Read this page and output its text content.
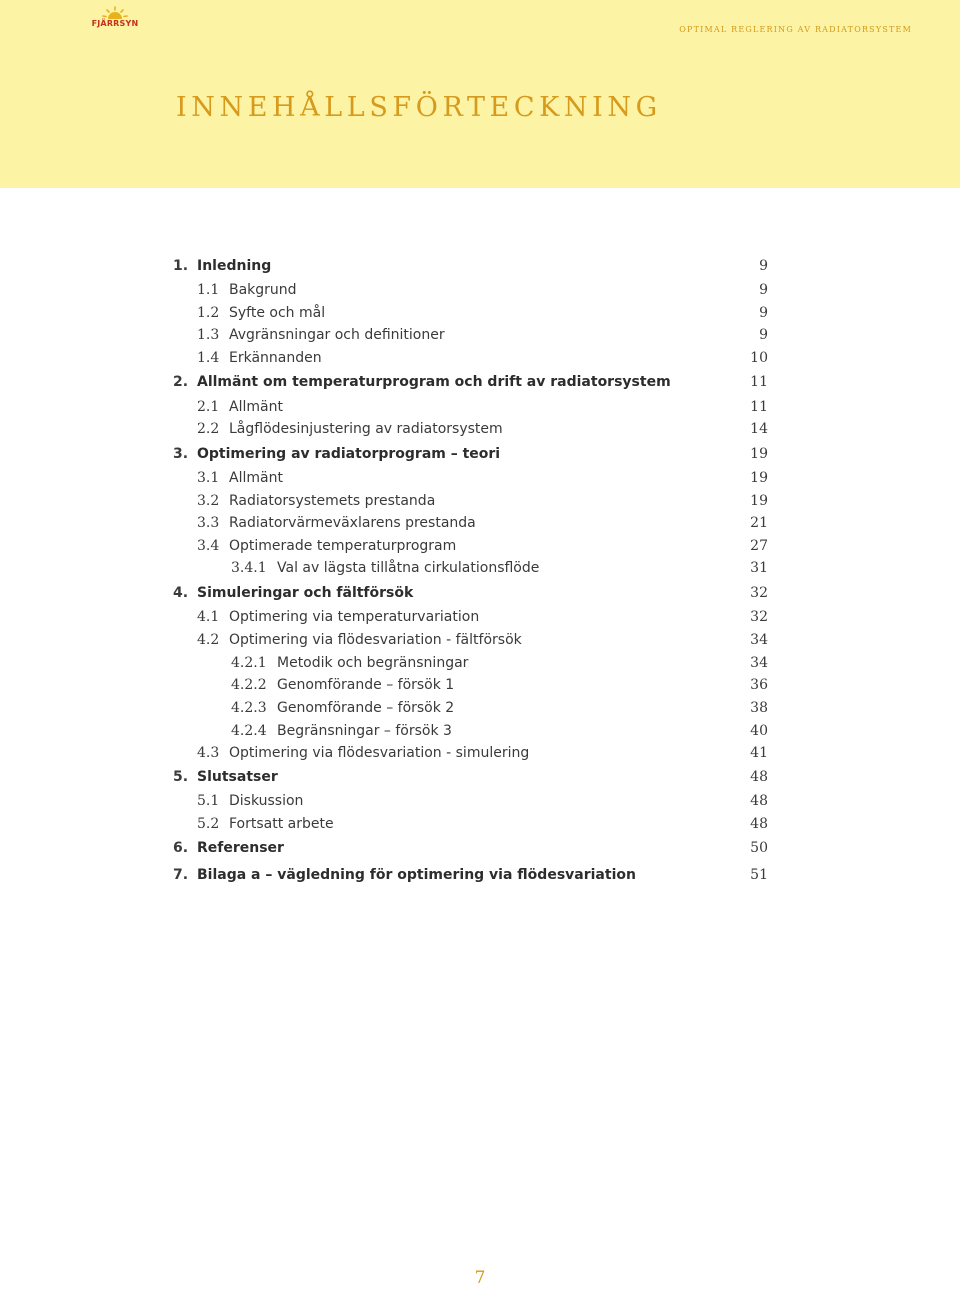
FJÄRRSYN
OPTIMAL REGLERING AV RADIATORSYSTEM
INNEHÅLLSFÖRTECKNING
1. Inledning	9
1.1 Bakgrund	9
1.2 Syfte och mål	9
1.3 Avgränsningar och definitioner	9
1.4 Erkännanden	10
2. Allmänt om temperaturprogram och drift av radiatorsystem	11
2.1 Allmänt	11
2.2 Lågflödesinjustering av radiatorsystem	14
3. Optimering av radiatorprogram – teori	19
3.1 Allmänt	19
3.2 Radiatorsystemets prestanda	19
3.3 Radiatorvärmeväxlarens prestanda	21
3.4 Optimerade temperaturprogram	27
3.4.1 Val av lägsta tillåtna cirkulationsflöde	31
4. Simuleringar och fältförsök	32
4.1 Optimering via temperaturvariation	32
4.2 Optimering via flödesvariation - fältförsök	34
4.2.1 Metodik och begränsningar	34
4.2.2 Genomförande – försök 1	36
4.2.3 Genomförande – försök 2	38
4.2.4 Begränsningar – försök 3	40
4.3 Optimering via flödesvariation - simulering	41
5. Slutsatser	48
5.1 Diskussion	48
5.2 Fortsatt arbete	48
6. Referenser	50
7. Bilaga a – vägledning för optimering via flödesvariation	51
7
